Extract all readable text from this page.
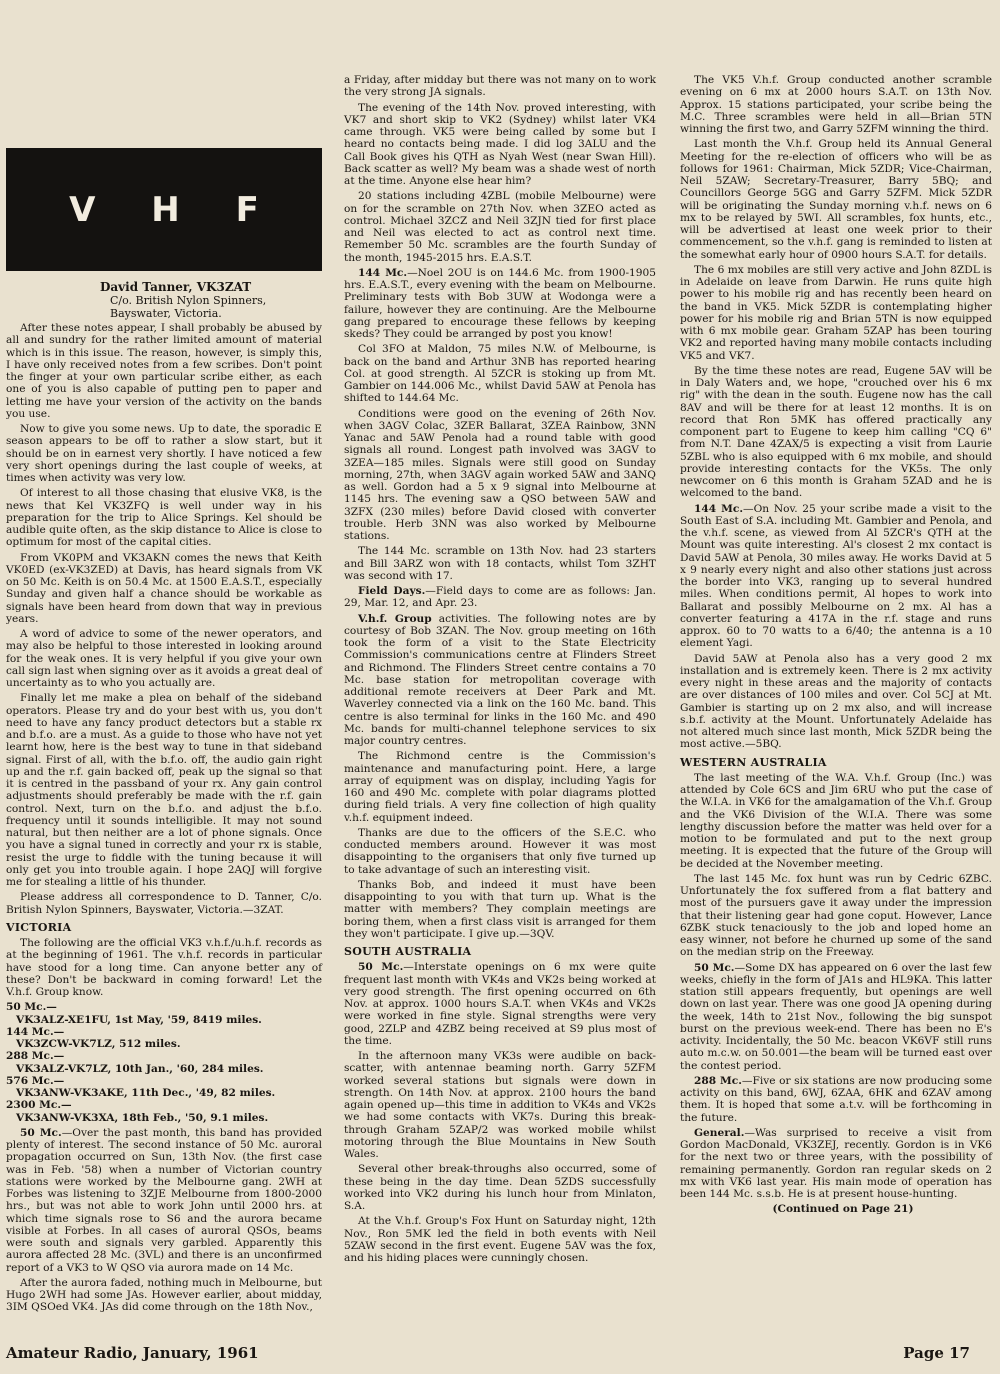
V H F
David Tanner, VK3ZAT
C/o. British Nylon Spinners,
Bayswater, Victoria.

After these notes appear, I shall probably be abused by all and sundry for the rather limited amount of material which is in this issue. The reason, however, is simply this, I have only received notes from a few scribes. Don't point the finger at your own particular scribe either, as each one of you is also capable of putting pen to paper and letting me have your version of the activity on the bands you use.

Now to give you some news. Up to date, the sporadic E season appears to be off to rather a slow start, but it should be on in earnest very shortly. I have noticed a few very short openings during the last couple of weeks, at times when activity was very low.

Of interest to all those chasing that elusive VK8, is the news that Kel VK3ZFQ is well under way in his preparation for the trip to Alice Springs. Kel should be audible quite often, as the skip distance to Alice is close to optimum for most of the capital cities.

From VK0PM and VK3AKN comes the news that Keith VK0ED (ex-VK3ZED) at Davis, has heard signals from VK on 50 Mc. Keith is on 50.4 Mc. at 1500 E.A.S.T., especially Sunday and given half a chance should be workable as signals have been heard from down that way in previous years.

A word of advice to some of the newer operators, and may also be helpful to those interested in looking around for the weak ones. It is very helpful if you give your own call sign last when signing over as it avoids a great deal of uncertainty as to who you actually are.

Finally let me make a plea on behalf of the sideband operators. Please try and do your best with us, you don't need to have any fancy product detectors but a stable rx and b.f.o. are a must. As a guide to those who have not yet learnt how, here is the best way to tune in that sideband signal. First of all, with the b.f.o. off, the audio gain right up and the r.f. gain backed off, peak up the signal so that it is centred in the passband of your rx. Any gain control adjustments should preferably be made with the r.f. gain control. Next, turn on the b.f.o. and adjust the b.f.o. frequency until it sounds intelligible. It may not sound natural, but then neither are a lot of phone signals. Once you have a signal tuned in correctly and your rx is stable, resist the urge to fiddle with the tuning because it will only get you into trouble again. I hope 2AQJ will forgive me for stealing a little of his thunder.

Please address all correspondence to D. Tanner, C/o. British Nylon Spinners, Bayswater, Victoria.—3ZAT.

VICTORIA

The following are the official VK3 v.h.f./u.h.f. records as at the beginning of 1961. The v.h.f. records in particular have stood for a long time. Can anyone better any of these? Don't be backward in coming forward! Let the V.h.f. Group know.

50 Mc.—
VK3ALZ-XE1FU, 1st May, '59, 8419 miles.
144 Mc.—
VK3ZCW-VK7LZ, 512 miles.
288 Mc.—
VK3ALZ-VK7LZ, 10th Jan., '60, 284 miles.
576 Mc.—
VK3ANW-VK3AKE, 11th Dec., '49, 82 miles.
2300 Mc.—
VK3ANW-VK3XA, 18th Feb., '50, 9.1 miles.

50 Mc.—Over the past month, this band has provided plenty of interest. The second instance of 50 Mc. auroral propagation occurred on Sun, 13th Nov. (the first case was in Feb. '58) when a number of Victorian country stations were worked by the Melbourne gang. 2WH at Forbes was listening to 3ZJE Melbourne from 1800-2000 hrs., but was not able to work John until 2000 hrs. at which time signals rose to S6 and the aurora became visible at Forbes. In all cases of auroral QSOs, beams were south and signals very garbled. Apparently this aurora affected 28 Mc. (3VL) and there is an unconfirmed report of a VK3 to W QSO via aurora made on 14 Mc.

After the aurora faded, nothing much in Melbourne, but Hugo 2WH had some JAs. However earlier, about midday, 3IM QSOed VK4. JAs did come through on the 18th Nov.,

a Friday, after midday but there was not many on to work the very strong JA signals.

The evening of the 14th Nov. proved interesting, with VK7 and short skip to VK2 (Sydney) whilst later VK4 came through. VK5 were being called by some but I heard no contacts being made. I did log 3ALU and the Call Book gives his QTH as Nyah West (near Swan Hill). Back scatter as well? My beam was a shade west of north at the time. Anyone else hear him?

20 stations including 4ZBL (mobile Melbourne) were on for the scramble on 27th Nov. when 3ZEO acted as control. Michael 3ZCZ and Neil 3ZJN tied for first place and Neil was elected to act as control next time. Remember 50 Mc. scrambles are the fourth Sunday of the month, 1945-2015 hrs. E.A.S.T.

144 Mc.—Noel 2OU is on 144.6 Mc. from 1900-1905 hrs. E.A.S.T., every evening with the beam on Melbourne. Preliminary tests with Bob 3UW at Wodonga were a failure, however they are continuing. Are the Melbourne gang prepared to encourage these fellows by keeping skeds? They could be arranged by post you know!

Col 3FO at Maldon, 75 miles N.W. of Melbourne, is back on the band and Arthur 3NB has reported hearing Col. at good strength. Al 5ZCR is stoking up from Mt. Gambier on 144.006 Mc., whilst David 5AW at Penola has shifted to 144.64 Mc.

Conditions were good on the evening of 26th Nov. when 3AGV Colac, 3ZER Ballarat, 3ZEA Rainbow, 3NN Yanac and 5AW Penola had a round table with good signals all round. Longest path involved was 3AGV to 3ZEA—185 miles. Signals were still good on Sunday morning, 27th, when 3AGV again worked 5AW and 3ANQ as well. Gordon had a 5 x 9 signal into Melbourne at 1145 hrs. The evening saw a QSO between 5AW and 3ZFX (230 miles) before David closed with converter trouble. Herb 3NN was also worked by Melbourne stations.

The 144 Mc. scramble on 13th Nov. had 23 starters and Bill 3ARZ won with 18 contacts, whilst Tom 3ZHT was second with 17.

Field Days.—Field days to come are as follows: Jan. 29, Mar. 12, and Apr. 23.

V.h.f. Group activities. The following notes are by courtesy of Bob 3ZAN. The Nov. group meeting on 16th took the form of a visit to the State Electricity Commission's communications centre at Flinders Street and Richmond. The Flinders Street centre contains a 70 Mc. base station for metropolitan coverage with additional remote receivers at Deer Park and Mt. Waverley connected via a link on the 160 Mc. band. This centre is also terminal for links in the 160 Mc. and 490 Mc. bands for multi-channel telephone services to six major country centres.

The Richmond centre is the Commission's maintenance and manufacturing point. Here, a large array of equipment was on display, including Yagis for 160 and 490 Mc. complete with polar diagrams plotted during field trials. A very fine collection of high quality v.h.f. equipment indeed.

Thanks are due to the officers of the S.E.C. who conducted members around. However it was most disappointing to the organisers that only five turned up to take advantage of such an interesting visit.

Thanks Bob, and indeed it must have been disappointing to you with that turn up. What is the matter with members? They complain meetings are boring them, when a first class visit is arranged for them they won't participate. I give up.—3QV.

SOUTH AUSTRALIA

50 Mc.—Interstate openings on 6 mx were quite frequent last month with VK4s and VK2s being worked at very good strength. The first opening occurred on 6th Nov. at approx. 1000 hours S.A.T. when VK4s and VK2s were worked in fine style. Signal strengths were very good, 2ZLP and 4ZBZ being received at S9 plus most of the time.

In the afternoon many VK3s were audible on back-scatter, with antennae beaming north. Garry 5ZFM worked several stations but signals were down in strength. On 14th Nov. at approx. 2100 hours the band again opened up—this time in addition to VK4s and VK2s we had some contacts with VK7s. During this break-through Graham 5ZAP/2 was worked mobile whilst motoring through the Blue Mountains in New South Wales.

Several other break-throughs also occurred, some of these being in the day time. Dean 5ZDS successfully worked into VK2 during his lunch hour from Minlaton, S.A.

At the V.h.f. Group's Fox Hunt on Saturday night, 12th Nov., Ron 5MK led the field in both events with Neil 5ZAW second in the first event. Eugene 5AV was the fox, and his hiding places were cunningly chosen.

The VK5 V.h.f. Group conducted another scramble evening on 6 mx at 2000 hours S.A.T. on 13th Nov. Approx. 15 stations participated, your scribe being the M.C. Three scrambles were held in all—Brian 5TN winning the first two, and Garry 5ZFM winning the third.

Last month the V.h.f. Group held its Annual General Meeting for the re-election of officers who will be as follows for 1961: Chairman, Mick 5ZDR; Vice-Chairman, Neil 5ZAW; Secretary-Treasurer, Barry 5BQ; and Councillors George 5GG and Garry 5ZFM. Mick 5ZDR will be originating the Sunday morning v.h.f. news on 6 mx to be relayed by 5WI. All scrambles, fox hunts, etc., will be advertised at least one week prior to their commencement, so the v.h.f. gang is reminded to listen at the somewhat early hour of 0900 hours S.A.T. for details.

The 6 mx mobiles are still very active and John 8ZDL is in Adelaide on leave from Darwin. He runs quite high power to his mobile rig and has recently been heard on the band in VK5. Mick 5ZDR is contemplating higher power for his mobile rig and Brian 5TN is now equipped with 6 mx mobile gear. Graham 5ZAP has been touring VK2 and reported having many mobile contacts including VK5 and VK7.

By the time these notes are read, Eugene 5AV will be in Daly Waters and, we hope, "crouched over his 6 mx rig" with the dean in the south. Eugene now has the call 8AV and will be there for at least 12 months. It is on record that Ron 5MK has offered practically any component part to Eugene to keep him calling "CQ 6" from N.T. Dane 4ZAX/5 is expecting a visit from Laurie 5ZBL who is also equipped with 6 mx mobile, and should provide interesting contacts for the VK5s. The only newcomer on 6 this month is Graham 5ZAD and he is welcomed to the band.

144 Mc.—On Nov. 25 your scribe made a visit to the South East of S.A. including Mt. Gambier and Penola, and the v.h.f. scene, as viewed from Al 5ZCR's QTH at the Mount was quite interesting. Al's closest 2 mx contact is David 5AW at Penola, 30 miles away. He works David at 5 x 9 nearly every night and also other stations just across the border into VK3, ranging up to several hundred miles. When conditions permit, Al hopes to work into Ballarat and possibly Melbourne on 2 mx. Al has a converter featuring a 417A in the r.f. stage and runs approx. 60 to 70 watts to a 6/40; the antenna is a 10 element Yagi.

David 5AW at Penola also has a very good 2 mx installation and is extremely keen. There is 2 mx activity every night in these areas and the majority of contacts are over distances of 100 miles and over. Col 5CJ at Mt. Gambier is starting up on 2 mx also, and will increase s.b.f. activity at the Mount. Unfortunately Adelaide has not altered much since last month, Mick 5ZDR being the most active.—5BQ.

WESTERN AUSTRALIA

The last meeting of the W.A. V.h.f. Group (Inc.) was attended by Cole 6CS and Jim 6RU who put the case of the W.I.A. in VK6 for the amalgamation of the V.h.f. Group and the VK6 Division of the W.I.A. There was some lengthy discussion before the matter was held over for a motion to be formulated and put to the next group meeting. It is expected that the future of the Group will be decided at the November meeting.

The last 145 Mc. fox hunt was run by Cedric 6ZBC. Unfortunately the fox suffered from a flat battery and most of the pursuers gave it away under the impression that their listening gear had gone coput. However, Lance 6ZBK stuck tenaciously to the job and loped home an easy winner, not before he churned up some of the sand on the median strip on the Freeway.

50 Mc.—Some DX has appeared on 6 over the last few weeks, chiefly in the form of JA1s and HL9KA. This latter station still appears frequently, but openings are well down on last year. There was one good JA opening during the week, 14th to 21st Nov., following the big sunspot burst on the previous week-end. There has been no E's activity. Incidentally, the 50 Mc. beacon VK6VF still runs auto m.c.w. on 50.001—the beam will be turned east over the contest period.

288 Mc.—Five or six stations are now producing some activity on this band, 6WJ, 6ZAA, 6HK and 6ZAV among them. It is hoped that some a.t.v. will be forthcoming in the future.

General.—Was surprised to receive a visit from Gordon MacDonald, VK3ZEJ, recently. Gordon is in VK6 for the next two or three years, with the possibility of remaining permanently. Gordon ran regular skeds on 2 mx with VK6 last year. His main mode of operation has been 144 Mc. s.s.b. He is at present house-hunting.

(Continued on Page 21)

Amateur Radio, January, 1961	Page 17
